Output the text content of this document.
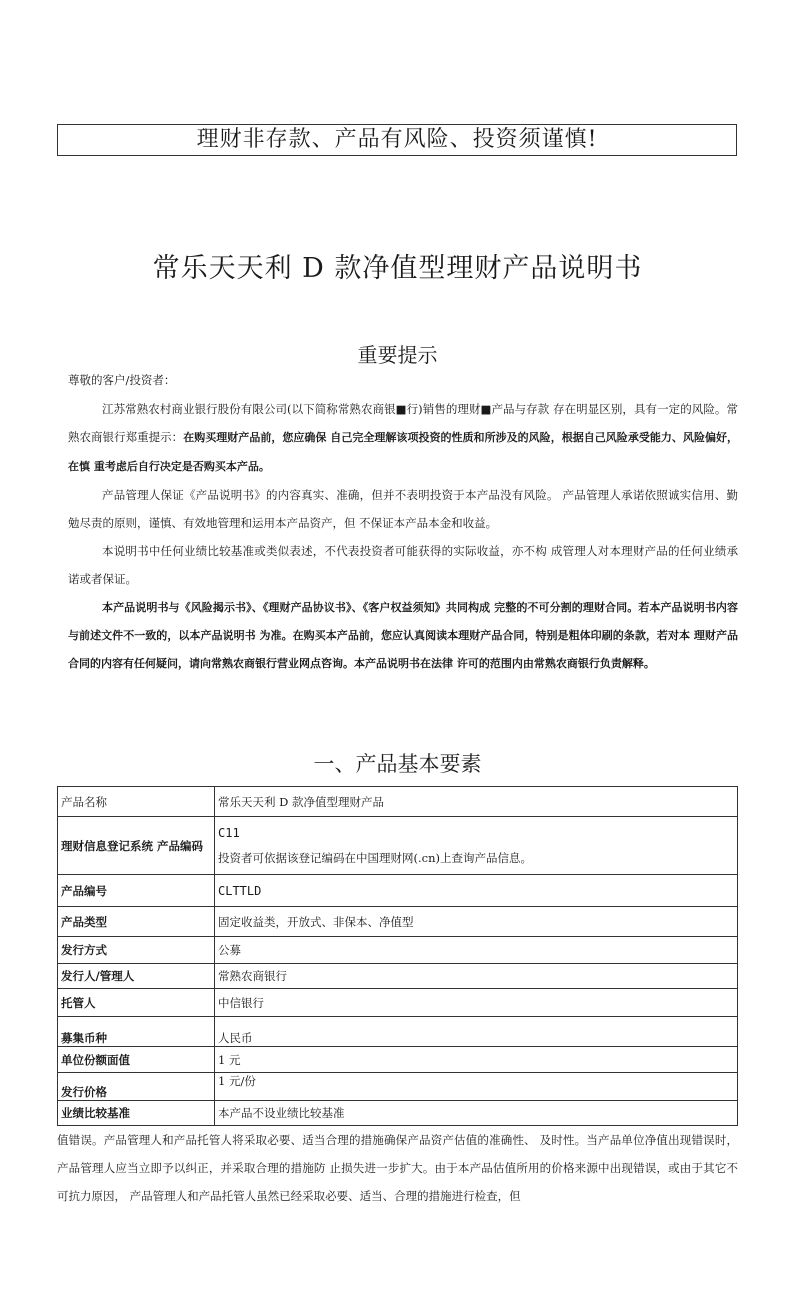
理财非存款、产品有风险、投资须谨慎!
常乐天天利 D 款净值型理财产品说明书
重要提示
尊敬的客户/投资者：

江苏常熟农村商业银行股份有限公司(以下简称常熟农商银■行)销售的理财■产品与存款 存在明显区别，具有一定的风险。常熟农商银行郑重提示：在购买理财产品前，您应确保 自己完全理解该项投资的性质和所涉及的风险，根据自己风险承受能力、风险偏好，在慎 重考虑后自行决定是否购买本产品。

产品管理人保证《产品说明书》的内容真实、准确，但并不表明投资于本产品没有风险。 产品管理人承诺依照诚实信用、勤勉尽责的原则，谨慎、有效地管理和运用本产品资产，但 不保证本产品本金和收益。

本说明书中任何业绩比较基准或类似表述，不代表投资者可能获得的实际收益，亦不构 成管理人对本理财产品的任何业绩承诺或者保证。

本产品说明书与《风险揭示书》、《理财产品协议书》、《客户权益须知》共同构成 完整的不可分割的理财合同。若本产品说明书内容与前述文件不一致的，以本产品说明书 为准。在购买本产品前，您应认真阅读本理财产品合同，特别是粗体印刷的条款，若对本 理财产品合同的内容有任何疑问，请向常熟农商银行营业网点咨询。本产品说明书在法律 许可的范围内由常熟农商银行负责解释。

一、产品基本要素
产品名称	常乐天天利 D 款净值型理财产品
理财信息登记系统 产品编码	C11
投资者可依据该登记编码在中国理财网(.cn)上查询产品信息。

产品编号	CLTTLD
产品类型	固定收益类，开放式、非保本、净值型
发行方式	公募
发行人/管理人	常熟农商银行
托管人	中信银行
募集币种	人民币
单位份额面值	1 元
发行价格	1 元/份
业绩比较基准	本产品不设业绩比较基准

值错误。产品管理人和产品托管人将采取必要、适当合理的措施确保产品资产估值的准确性、 及时性。当产品单位净值出现错误时，产品管理人应当立即予以纠正，并采取合理的措施防 止损失进一步扩大。由于本产品估值所用的价格来源中出现错误，或由于其它不可抗力原因， 产品管理人和产品托管人虽然已经采取必要、适当、合理的措施进行检查，但
